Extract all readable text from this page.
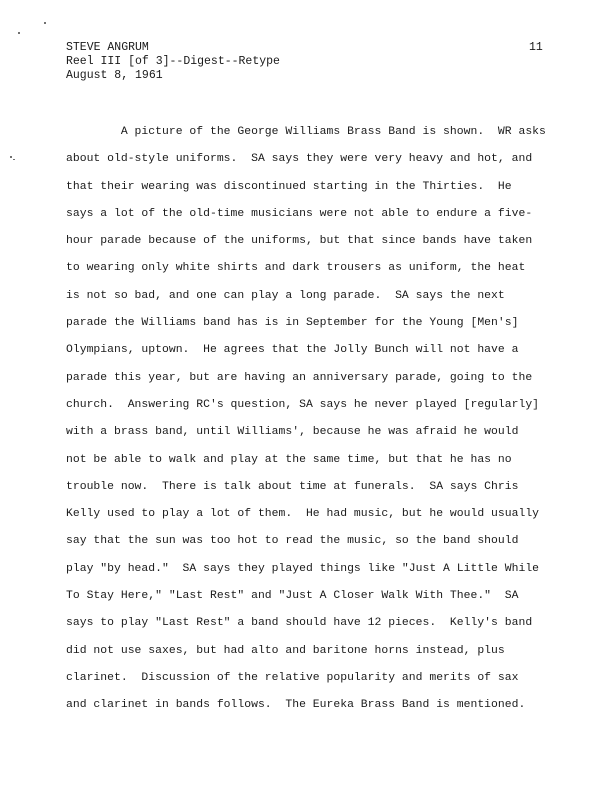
STEVE ANGRUM
Reel III [of 3]--Digest--Retype
August 8, 1961
11
A picture of the George Williams Brass Band is shown.  WR asks
about old-style uniforms.  SA says they were very heavy and hot, and
that their wearing was discontinued starting in the Thirties.  He
says a lot of the old-time musicians were not able to endure a five-
hour parade because of the uniforms, but that since bands have taken
to wearing only white shirts and dark trousers as uniform, the heat
is not so bad, and one can play a long parade.  SA says the next
parade the Williams band has is in September for the Young [Men's]
Olympians, uptown.  He agrees that the Jolly Bunch will not have a
parade this year, but are having an anniversary parade, going to the
church.  Answering RC's question, SA says he never played [regularly]
with a brass band, until Williams', because he was afraid he would
not be able to walk and play at the same time, but that he has no
trouble now.  There is talk about time at funerals.  SA says Chris
Kelly used to play a lot of them.  He had music, but he would usually
say that the sun was too hot to read the music, so the band should
play "by head."  SA says they played things like "Just A Little While
To Stay Here," "Last Rest" and "Just A Closer Walk With Thee."  SA
says to play "Last Rest" a band should have 12 pieces.  Kelly's band
did not use saxes, but had alto and baritone horns instead, plus
clarinet.  Discussion of the relative popularity and merits of sax
and clarinet in bands follows.  The Eureka Brass Band is mentioned.
